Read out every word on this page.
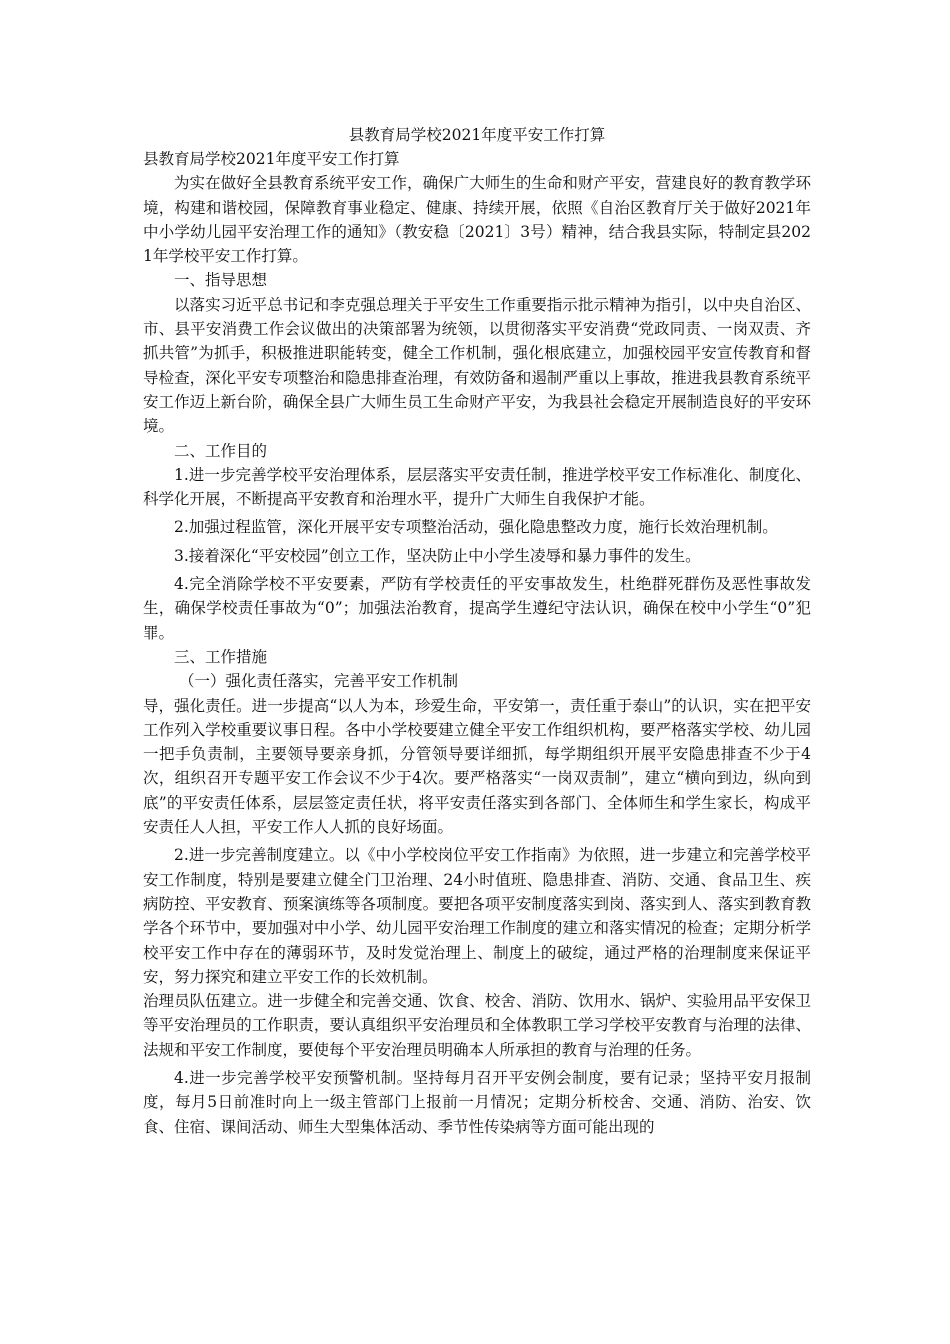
县教育局学校2021年度平安工作打算

县教育局学校2021年度平安工作打算

为实在做好全县教育系统平安工作，确保广大师生的生命和财产平安，营建良好的教育教学环境，构建和谐校园，保障教育事业稳定、健康、持续开展，依照《自治区教育厅关于做好2021年中小学幼儿园平安治理工作的通知》（教安稳〔2021〕3号）精神，结合我县实际，特制定县2021年学校平安工作打算。

一、指导思想

以落实习近平总书记和李克强总理关于平安生工作重要指示批示精神为指引，以中央自治区、市、县平安消费工作会议做出的决策部署为统领，以贯彻落实平安消费“党政同责、一岗双责、齐抓共管”为抓手，积极推进职能转变，健全工作机制，强化根底建立，加强校园平安宣传教育和督导检查，深化平安专项整治和隐患排查治理，有效防备和遏制严重以上事故，推进我县教育系统平安工作迈上新台阶，确保全县广大师生员工生命财产平安，为我县社会稳定开展制造良好的平安环境。

二、工作目的

1.进一步完善学校平安治理体系，层层落实平安责任制，推进学校平安工作标准化、制度化、科学化开展，不断提高平安教育和治理水平，提升广大师生自我保护才能。

2.加强过程监管，深化开展平安专项整治活动，强化隐患整改力度，施行长效治理机制。

3.接着深化“平安校园”创立工作，坚决防止中小学生凌辱和暴力事件的发生。

4.完全消除学校不平安要素，严防有学校责任的平安事故发生，杜绝群死群伤及恶性事故发生，确保学校责任事故为“0”；加强法治教育，提高学生遵纪守法认识，确保在校中小学生“0”犯罪。

三、工作措施

（一）强化责任落实，完善平安工作机制

导，强化责任。进一步提高“以人为本，珍爱生命，平安第一，责任重于泰山”的认识，实在把平安工作列入学校重要议事日程。各中小学校要建立健全平安工作组织机构，要严格落实学校、幼儿园一把手负责制，主要领导要亲身抓，分管领导要详细抓，每学期组织开展平安隐患排查不少于4次，组织召开专题平安工作会议不少于4次。要严格落实“一岗双责制”，建立“横向到边，纵向到底”的平安责任体系，层层签定责任状，将平安责任落实到各部门、全体师生和学生家长，构成平安责任人人担，平安工作人人抓的良好场面。

2.进一步完善制度建立。以《中小学校岗位平安工作指南》为依照，进一步建立和完善学校平安工作制度，特别是要建立健全门卫治理、24小时值班、隐患排查、消防、交通、食品卫生、疾病防控、平安教育、预案演练等各项制度。要把各项平安制度落实到岗、落实到人、落实到教育教学各个环节中，要加强对中小学、幼儿园平安治理工作制度的建立和落实情况的检查；定期分析学校平安工作中存在的薄弱环节，及时发觉治理上、制度上的破绽，通过严格的治理制度来保证平安，努力探究和建立平安工作的长效机制。

治理员队伍建立。进一步健全和完善交通、饮食、校舍、消防、饮用水、锅炉、实验用品平安保卫等平安治理员的工作职责，要认真组织平安治理员和全体教职工学习学校平安教育与治理的法律、法规和平安工作制度，要使每个平安治理员明确本人所承担的教育与治理的任务。

4.进一步完善学校平安预警机制。坚持每月召开平安例会制度，要有记录；坚持平安月报制度，每月5日前准时向上一级主管部门上报前一月情况；定期分析校舍、交通、消防、治安、饮食、住宿、课间活动、师生大型集体活动、季节性传染病等方面可能出现的
